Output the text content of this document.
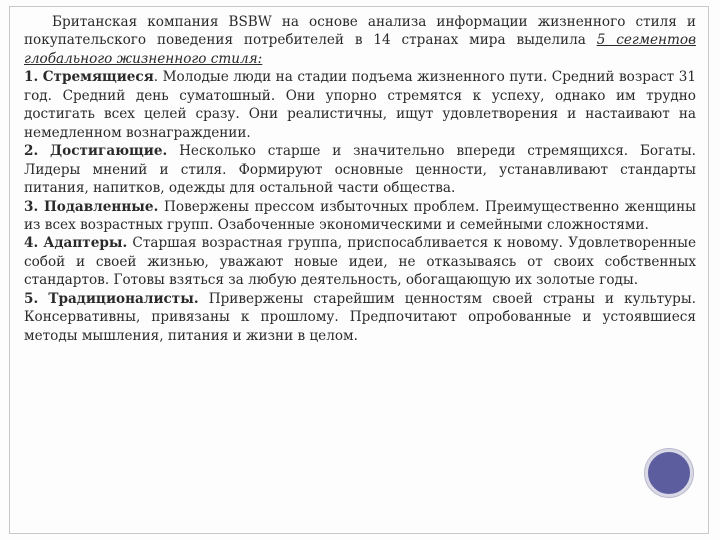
Британская компания BSBW на основе анализа информации жизненного стиля и покупательского поведения потребителей в 14 странах мира выделила 5 сегментов глобального жизненного стиля:

1. Стремящиеся. Молодые люди на стадии подъема жизненного пути. Средний возраст 31 год. Средний день суматошный. Они упорно стремятся к успеху, однако им трудно достигать всех целей сразу. Они реалистичны, ищут удовлетворения и настаивают на немедленном вознаграждении.

2. Достигающие. Несколько старше и значительно впереди стремящихся. Богаты. Лидеры мнений и стиля. Формируют основные ценности, устанавливают стандарты питания, напитков, одежды для остальной части общества.

3. Подавленные. Повержены прессом избыточных проблем. Преимущественно женщины из всех возрастных групп. Озабоченные экономическими и семейными сложностями.

4. Адаптеры. Старшая возрастная группа, приспосабливается к новому. Удовлетворенные собой и своей жизнью, уважают новые идеи, не отказываясь от своих собственных стандартов. Готовы взяться за любую деятельность, обогащающую их золотые годы.

5. Традиционалисты. Привержены старейшим ценностям своей страны и культуры. Консервативны, привязаны к прошлому. Предпочитают опробованные и устоявшиеся методы мышления, питания и жизни в целом.
